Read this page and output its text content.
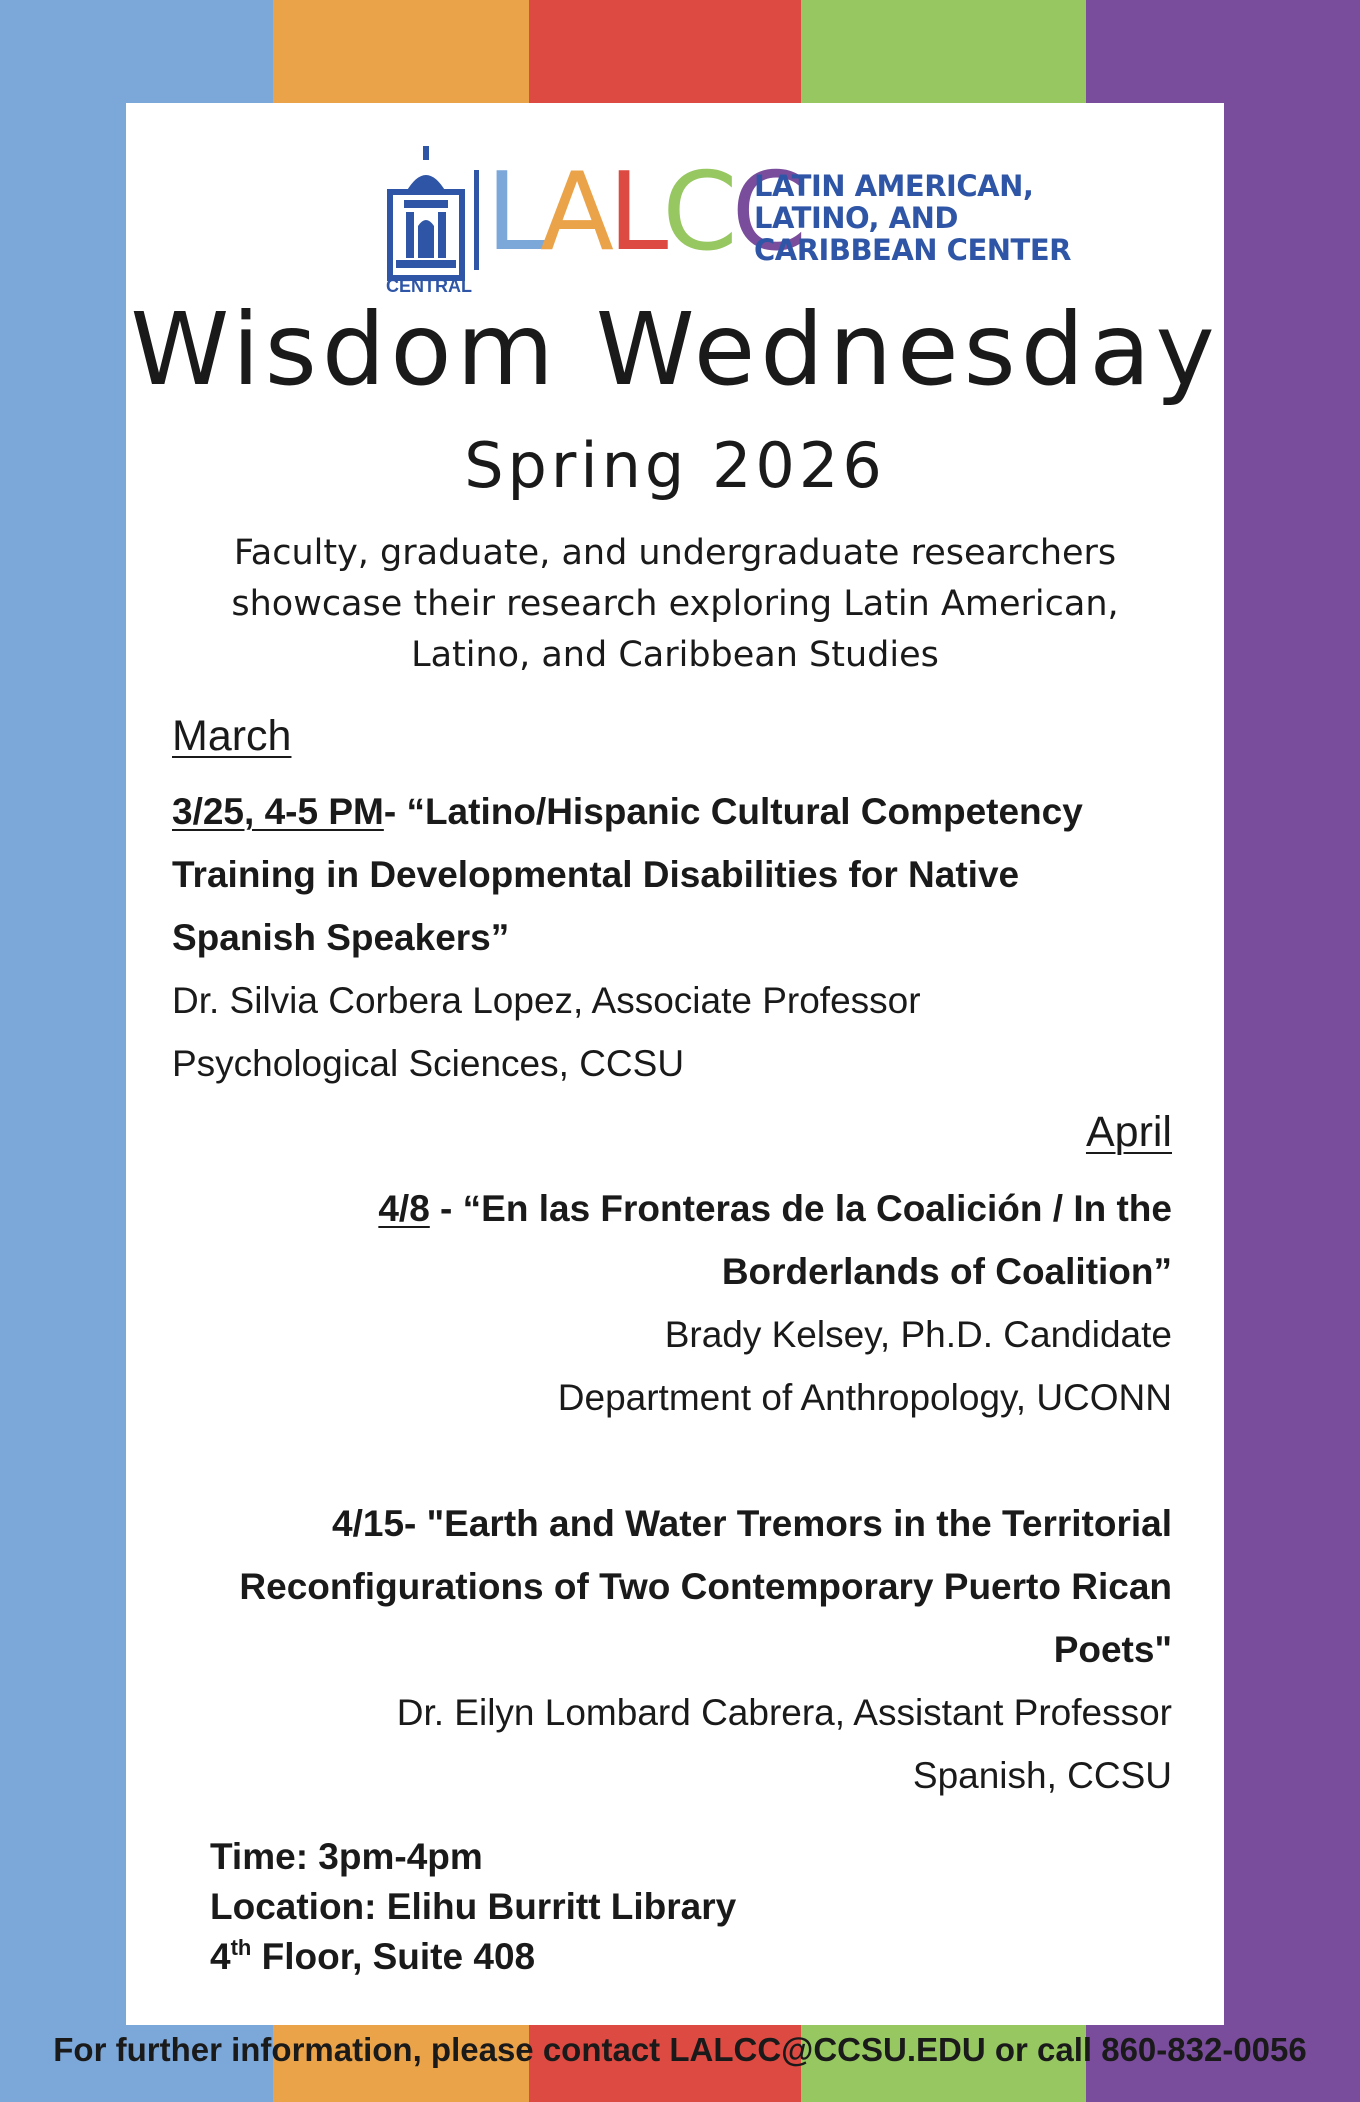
CENTRAL
LALCC
LATIN AMERICAN,
LATINO, AND
CARIBBEAN CENTER
Wisdom Wednesday
Spring 2026
Faculty, graduate, and undergraduate researchers
showcase their research exploring Latin American,
Latino, and Caribbean Studies
March
3/25, 4-5 PM- “Latino/Hispanic Cultural Competency
Training in Developmental Disabilities for Native
Spanish Speakers”
Dr. Silvia Corbera Lopez, Associate Professor
Psychological Sciences, CCSU
April
4/8 - “En las Fronteras de la Coalición / In the
Borderlands of Coalition”
Brady Kelsey, Ph.D. Candidate
Department of Anthropology, UCONN
4/15- "Earth and Water Tremors in the Territorial
Reconfigurations of Two Contemporary Puerto Rican
Poets"
Dr. Eilyn Lombard Cabrera, Assistant Professor
Spanish, CCSU
Time: 3pm-4pm
Location: Elihu Burritt Library
4th Floor, Suite 408
For further information, please contact LALCC@CCSU.EDU or call 860-832-0056
